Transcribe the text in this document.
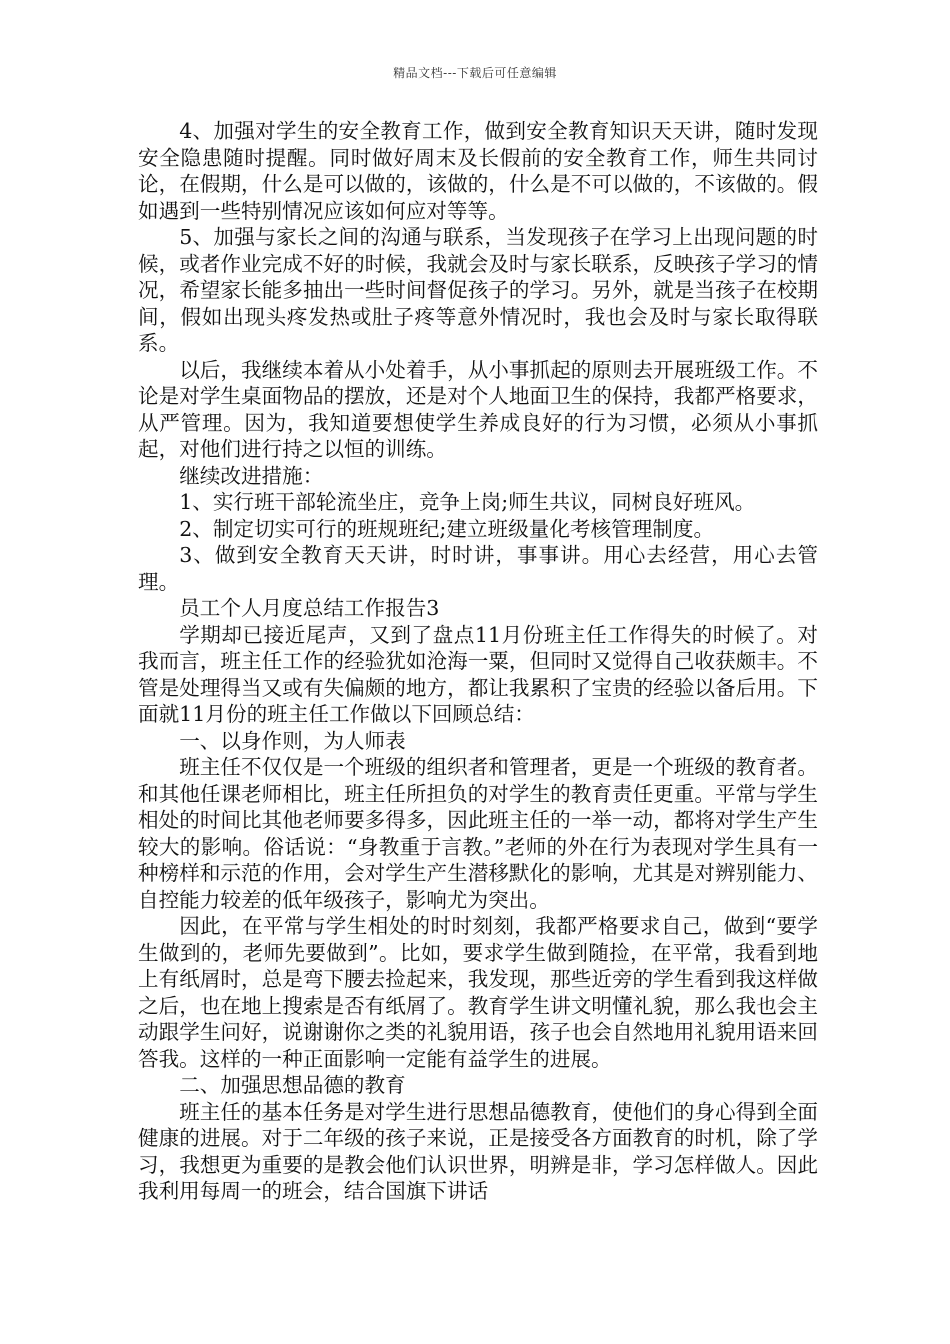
精品文档---下载后可任意编辑

4、加强对学生的安全教育工作，做到安全教育知识天天讲，随时发现安全隐患随时提醒。同时做好周末及长假前的安全教育工作，师生共同讨论，在假期，什么是可以做的，该做的，什么是不可以做的，不该做的。假如遇到一些特别情况应该如何应对等等。

5、加强与家长之间的沟通与联系，当发现孩子在学习上出现问题的时候，或者作业完成不好的时候，我就会及时与家长联系，反映孩子学习的情况，希望家长能多抽出一些时间督促孩子的学习。另外，就是当孩子在校期间，假如出现头疼发热或肚子疼等意外情况时，我也会及时与家长取得联系。

以后，我继续本着从小处着手，从小事抓起的原则去开展班级工作。不论是对学生桌面物品的摆放，还是对个人地面卫生的保持，我都严格要求，从严管理。因为，我知道要想使学生养成良好的行为习惯，必须从小事抓起，对他们进行持之以恒的训练。

继续改进措施：

1、实行班干部轮流坐庄，竞争上岗;师生共议，同树良好班风。

2、制定切实可行的班规班纪;建立班级量化考核管理制度。

3、做到安全教育天天讲，时时讲，事事讲。用心去经营，用心去管理。

员工个人月度总结工作报告3

学期却已接近尾声，又到了盘点11月份班主任工作得失的时候了。对我而言，班主任工作的经验犹如沧海一粟，但同时又觉得自己收获颇丰。不管是处理得当又或有失偏颇的地方，都让我累积了宝贵的经验以备后用。下面就11月份的班主任工作做以下回顾总结：

一、以身作则，为人师表

班主任不仅仅是一个班级的组织者和管理者，更是一个班级的教育者。和其他任课老师相比，班主任所担负的对学生的教育责任更重。平常与学生相处的时间比其他老师要多得多，因此班主任的一举一动，都将对学生产生较大的影响。俗话说：“身教重于言教。”老师的外在行为表现对学生具有一种榜样和示范的作用，会对学生产生潜移默化的影响，尤其是对辨别能力、自控能力较差的低年级孩子，影响尤为突出。

因此，在平常与学生相处的时时刻刻，我都严格要求自己，做到“要学生做到的，老师先要做到”。比如，要求学生做到随捡，在平常，我看到地上有纸屑时，总是弯下腰去捡起来，我发现，那些近旁的学生看到我这样做之后，也在地上搜索是否有纸屑了。教育学生讲文明懂礼貌，那么我也会主动跟学生问好，说谢谢你之类的礼貌用语，孩子也会自然地用礼貌用语来回答我。这样的一种正面影响一定能有益学生的进展。

二、加强思想品德的教育

班主任的基本任务是对学生进行思想品德教育，使他们的身心得到全面健康的进展。对于二年级的孩子来说，正是接受各方面教育的时机，除了学习，我想更为重要的是教会他们认识世界，明辨是非，学习怎样做人。因此我利用每周一的班会，结合国旗下讲话
